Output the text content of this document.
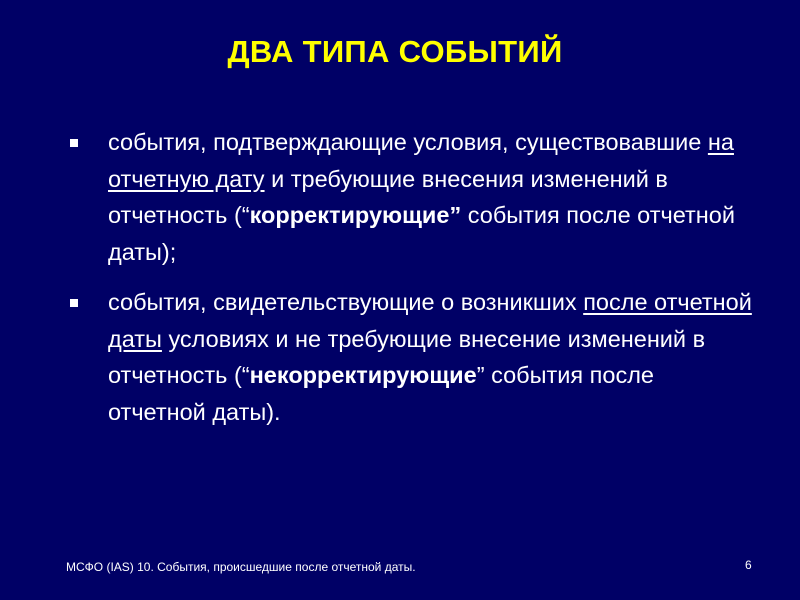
ДВА ТИПА СОБЫТИЙ
события, подтверждающие условия, существовавшие на отчетную дату и требующие внесения изменений в отчетность (“корректирующие” события после отчетной даты);
события, свидетельствующие о возникших после отчетной даты условиях и не требующие внесение изменений в отчетность (“некорректирующие” события после отчетной даты).
МСФО (IAS) 10. События, происшедшие после отчетной даты.	6
